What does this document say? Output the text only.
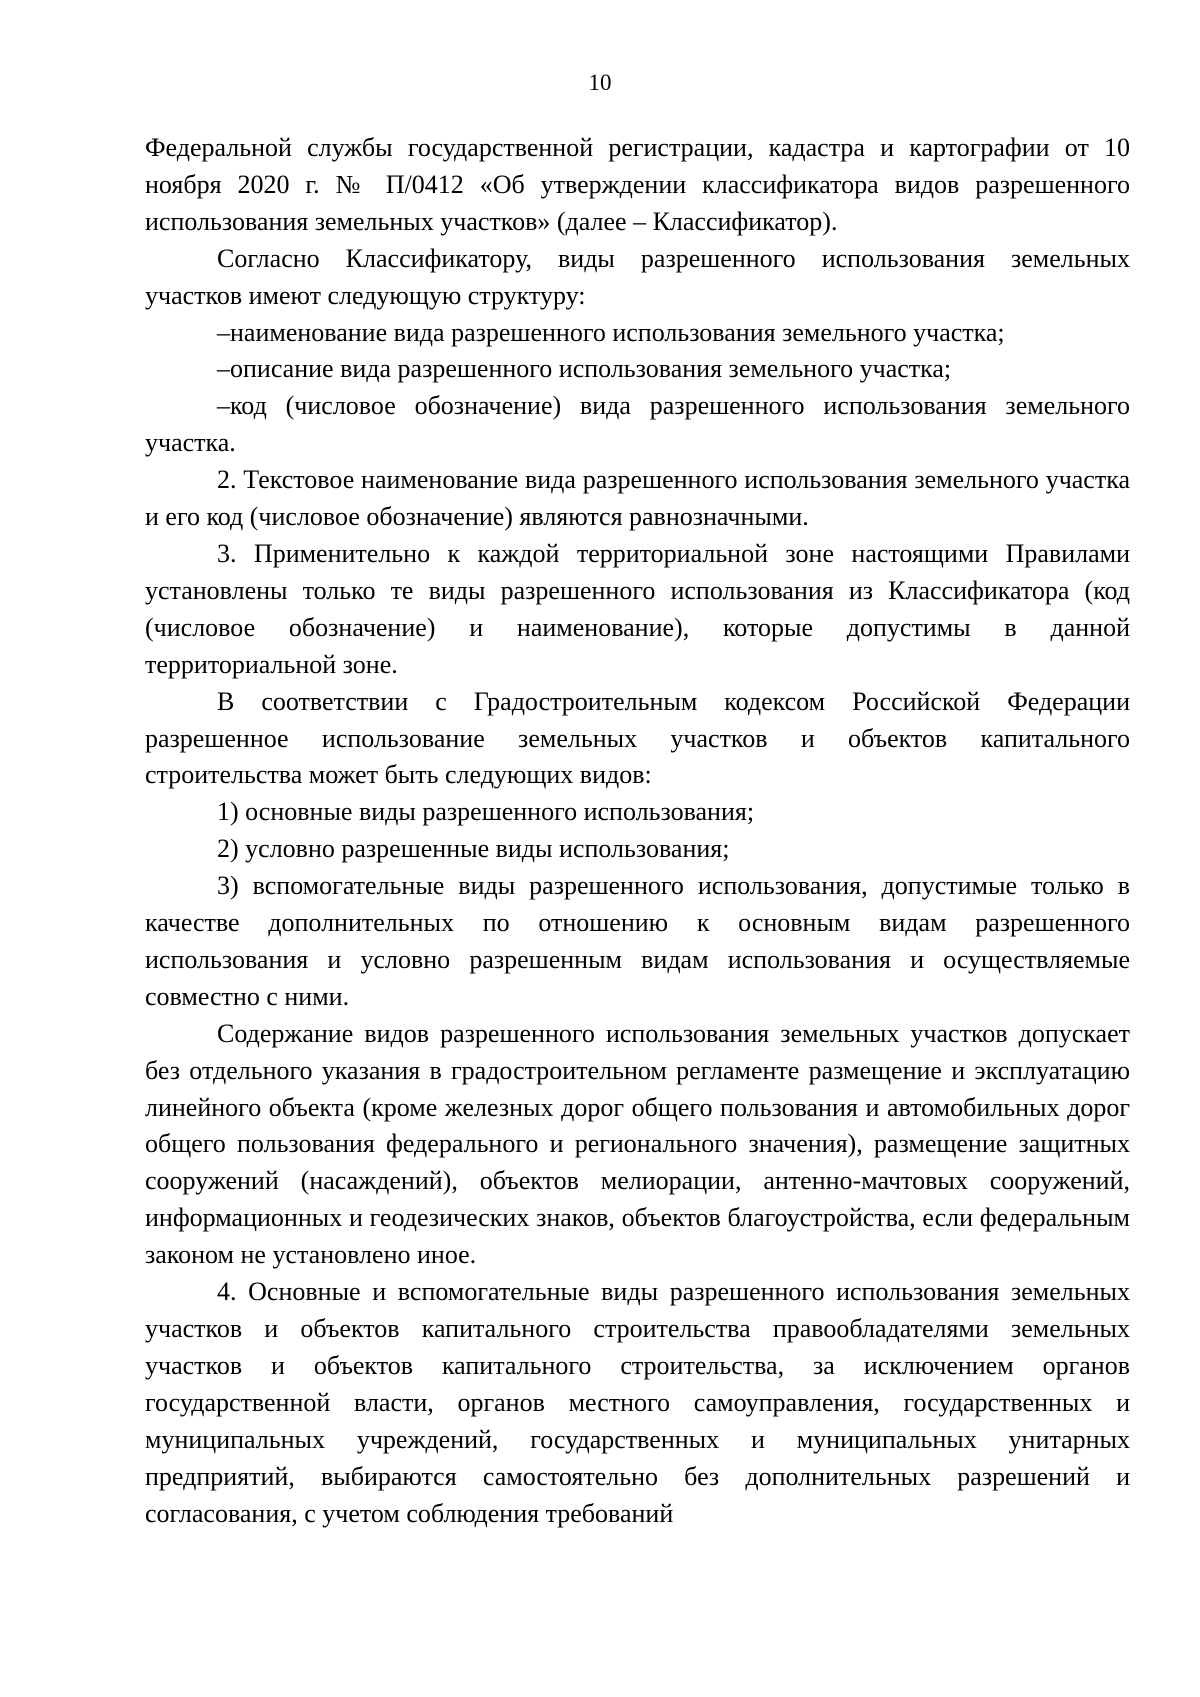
10

Федеральной службы государственной регистрации, кадастра и картографии от 10 ноября 2020 г. № П/0412 «Об утверждении классификатора видов разрешенного использования земельных участков» (далее – Классификатор).

Согласно Классификатору, виды разрешенного использования земельных участков имеют следующую структуру:

–наименование вида разрешенного использования земельного участка;

–описание вида разрешенного использования земельного участка;

–код (числовое обозначение) вида разрешенного использования земельного участка.

2. Текстовое наименование вида разрешенного использования земельного участка и его код (числовое обозначение) являются равнозначными.

3. Применительно к каждой территориальной зоне настоящими Правилами установлены только те виды разрешенного использования из Классификатора (код (числовое обозначение) и наименование), которые допустимы в данной территориальной зоне.

В соответствии с Градостроительным кодексом Российской Федерации разрешенное использование земельных участков и объектов капитального строительства может быть следующих видов:

1) основные виды разрешенного использования;

2) условно разрешенные виды использования;

3) вспомогательные виды разрешенного использования, допустимые только в качестве дополнительных по отношению к основным видам разрешенного использования и условно разрешенным видам использования и осуществляемые совместно с ними.

Содержание видов разрешенного использования земельных участков допускает без отдельного указания в градостроительном регламенте размещение и эксплуатацию линейного объекта (кроме железных дорог общего пользования и автомобильных дорог общего пользования федерального и регионального значения), размещение защитных сооружений (насаждений), объектов мелиорации, антенно-мачтовых сооружений, информационных и геодезических знаков, объектов благоустройства, если федеральным законом не установлено иное.

4. Основные и вспомогательные виды разрешенного использования земельных участков и объектов капитального строительства правообладателями земельных участков и объектов капитального строительства, за исключением органов государственной власти, органов местного самоуправления, государственных и муниципальных учреждений, государственных и муниципальных унитарных предприятий, выбираются самостоятельно без дополнительных разрешений и согласования, с учетом соблюдения требований
